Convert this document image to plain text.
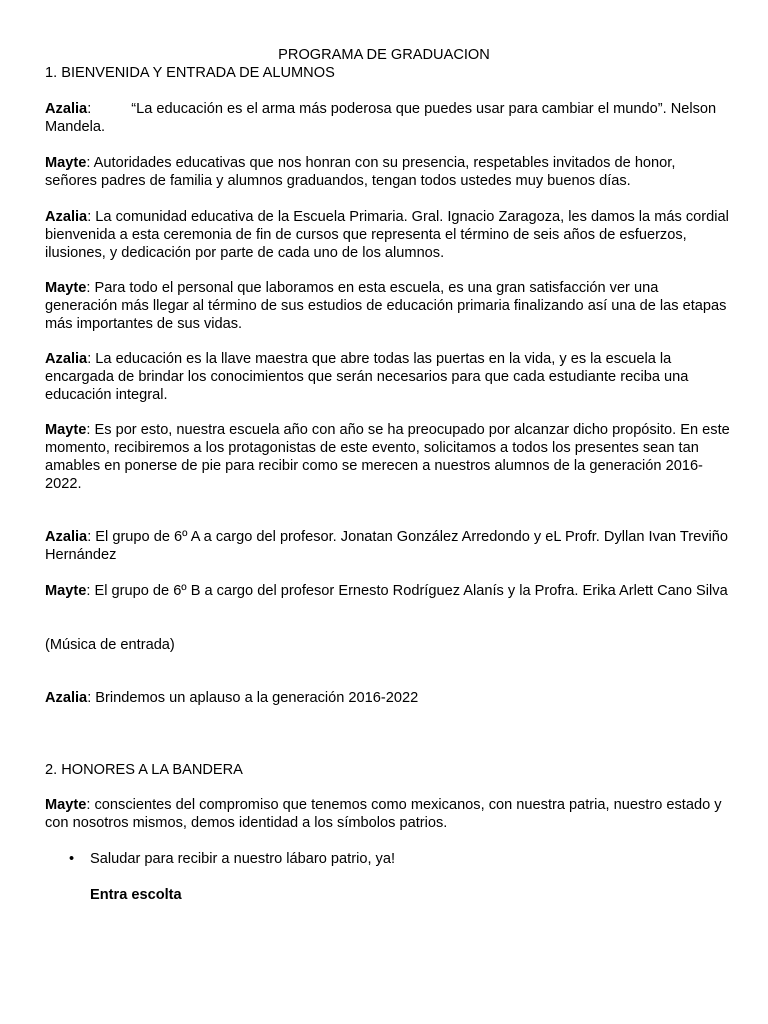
PROGRAMA DE GRADUACION
1. BIENVENIDA Y ENTRADA DE ALUMNOS

Azalia:	“La educación es el arma más poderosa que puedes usar para cambiar el mundo”. Nelson Mandela.

Mayte: Autoridades educativas que nos honran con su presencia, respetables invitados de honor, señores padres de familia y alumnos graduandos, tengan todos ustedes muy buenos días.

Azalia: La comunidad educativa de la Escuela Primaria. Gral. Ignacio Zaragoza, les damos la más cordial bienvenida a esta ceremonia de fin de cursos que representa el término de seis años de esfuerzos, ilusiones, y dedicación por parte de cada uno de los alumnos.

Mayte: Para todo el personal que laboramos en esta escuela, es una gran satisfacción ver una generación más llegar al término de sus estudios de educación primaria finalizando así una de las etapas más importantes de sus vidas.

Azalia: La educación es la llave maestra que abre todas las puertas en la vida, y es la escuela la encargada de brindar los conocimientos que serán necesarios para que cada estudiante reciba una educación integral.

Mayte: Es por esto, nuestra escuela año con año se ha preocupado por alcanzar dicho propósito. En este momento, recibiremos a los protagonistas de este evento, solicitamos a todos los presentes sean tan amables en ponerse de pie para recibir como se merecen a nuestros alumnos de la generación 2016-2022.

Azalia: El grupo de 6º A a cargo del profesor. Jonatan González Arredondo y eL Profr. Dyllan Ivan Treviño Hernández

Mayte: El grupo de 6º B a cargo del profesor Ernesto Rodríguez Alanís y la Profra. Erika Arlett Cano Silva

(Música de entrada)

Azalia: Brindemos un aplauso a la generación 2016-2022

2. HONORES A LA BANDERA

Mayte: conscientes del compromiso que tenemos como mexicanos, con nuestra patria, nuestro estado y con nosotros mismos, demos identidad a los símbolos patrios.

• Saludar para recibir a nuestro lábaro patrio, ya!

Entra escolta
